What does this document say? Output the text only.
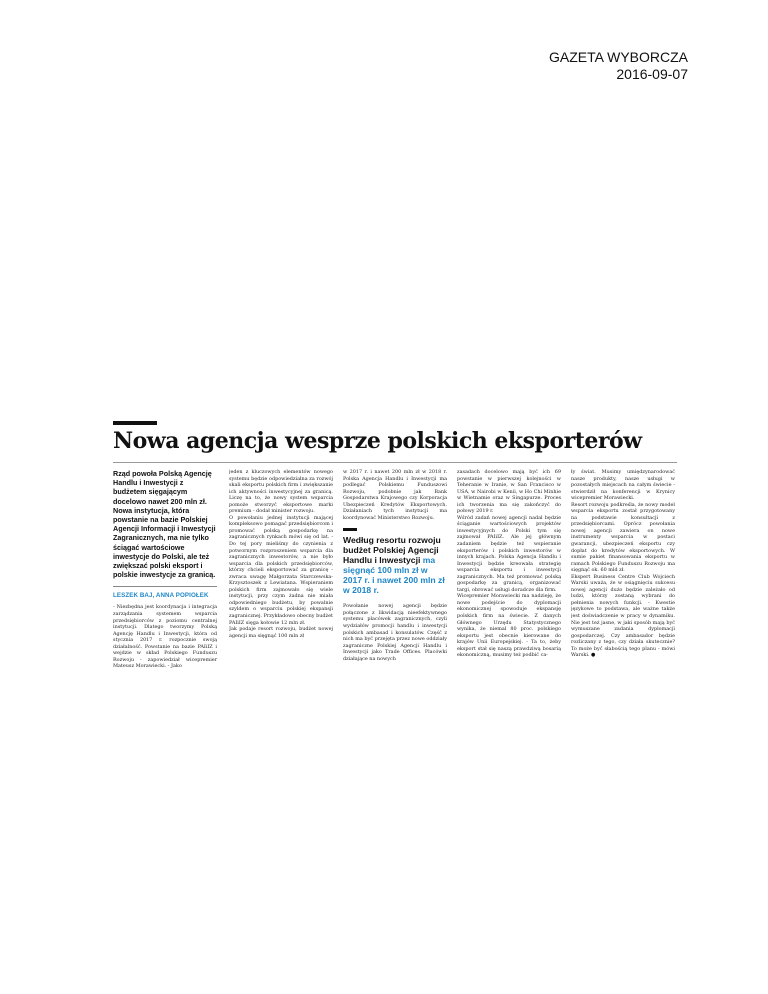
GAZETA WYBORCZA
2016-09-07
Nowa agencja wesprze polskich eksporterów

Rząd powoła Polską Agencję Handlu i Inwestycji z budżetem sięgającym docelowo nawet 200 mln zł. Nowa instytucja, która powstanie na bazie Polskiej Agencji Informacji i Inwestycji Zagranicznych, ma nie tylko ściągać wartościowe inwestycje do Polski, ale też zwiększać polski eksport i polskie inwestycje za granicą.

LESZEK BAJ, ANNA POPIOŁEK

- Niezbędna jest koordynacja i integracja zarządzania systemem wsparcia przedsiębiorców z poziomu centralnej instytucji. Dlatego tworzymy Polską Agencję Handlu i Inwestycji, która od stycznia 2017 r. rozpocznie swoją działalność. Powstanie na bazie PAIiIZ i wejdzie w skład Polskiego Funduszu Rozwoju - zapowiedział wicepremier Mateusz Morawiecki. - Jako

jeden z kluczowych elementów nowego systemu będzie odpowiedzialna za rozwój skali eksportu polskich firm i zwiększanie ich aktywności inwestycyjnej za granicą. Liczę na to, że nowy system wsparcia pomoże stworzyć eksportowe marki premium - dodał minister rozwoju.

O powołaniu jednej instytucji mającej kompleksowo pomagać przedsiębiorcom i promować polską gospodarkę na zagranicznych rynkach mówi się od lat. - Do tej pory mieliśmy do czynienia z potwornym rozproszeniem wsparcia dla zagranicznych inwestorów, a nie było wsparcia dla polskich przedsiębiorców, którzy chcieli eksportować za granicę - zwraca uwagę Małgorzata Starczewska-Krzysztoszek z Lewiatana. Wspieraniem polskich firm zajmowało się wiele instytucji, przy czym żadna nie miała odpowiedniego budżetu, by powalnie szyldem o wsparciu polskiej ekspansji zagranicznej. Przykładowo obecny budżet PAIiIZ sięga kołowie 12 mln zł.

Jak podaje resort rozwoju, budżet nowej agencji ma sięgnąć 100 mln zł

w 2017 r. i nawet 200 mln zł w 2018 r. Polska Agencja Handlu i Inwestycji ma podlegać Polskiemu Funduszowi Rozwoju, podobnie jak Bank Gospodarstwa Krajowego czy Korporacja Ubezpieczeń Kredytów Eksportowych. Działaniach tych instytucji ma koordynować Ministerstwo Rozwoju.

Według resortu rozwoju budżet Polskiej Agencji Handlu i Inwestycji ma sięgnąć 100 mln zł w 2017 r. i nawet 200 mln zł w 2018 r.

Powołanie nowej agencji będzie połączone z likwidacją nieefektywnego systemu placówek zagranicznych, czyli wydziałów promocji handlu i inwestycji polskich ambasad i konsulatów. Część z nich ma być przejęta przez nowe oddziały zagraniczne Polskiej Agencji Handlu i Inwestycji jako Trade Offices. Placówki działające na nowych

zasadach docelowo mają być ich 69 powstanie w pierwszej kolejności w Teheranie w Iranie, w San Francisco w USA, w Nairobi w Kenii, w Ho Chi Minhie w Wietnamie oraz w Singapurze. Proces ich tworzenia ma się zakończyć do połowy 2019 r.

Wśród zadań nowej agencji nadal będzie ściąganie wartościowych projektów inwestycyjnych do Polski tym się zajmował PAIiIZ. Ale jej głównym zadaniem będzie też wspieranie eksporterów i polskich inwestorów w innych krajach. Polska Agencja Handlu i Inwestycji będzie kreowała strategię wsparcia eksportu i inwestycji zagranicznych. Ma też promować polską gospodarkę za granicą, organizować targi, obrować usługi doradcze dla firm.

Wicepremier Morawiecki ma nadzieję, że nowe podejście do dyplomacji ekonomicznej spowoduje ekspansję polskich firm na świecie. Z danych Głównego Urzędu Statystycznego wynika, że niemal 80 proc. polskiego eksportu jest obecnie kierowane do krajów Unii Europejskiej. - Ta to, żeby eksport stał się naszą prawdziwą bosarią ekonomiczną, musimy też podbić ca-

ły świat. Musimy umiędzynarodować nasze produkty, nasze usługi w pozostałych miejscach na całym świecie - stwierdził na konferencji w Krynicy wicepremier Morawiecki.

Resort rozwoju podkreśla, że nowy model wsparcia eksportu został przygotowany na podstawie konsultacji z przedsiębiorcami. Oprócz powołania nowej agencji zawiera on nowe instrumenty wsparcia w postaci gwarancji, ubezpieczeń eksportu czy dopłat do kredytów eksportowych. W sumie pakiet finansowania eksportu w ramach Polskiego Funduszu Rozwoju ma sięgnąć ok. 60 mld zł.

Ekspert Business Centre Club Wojciech Warski uważa, że w osiągnięciu sukcesu nowej agencji dużo będzie zależało od ludzi, którzy zostaną wybrani do pełnienia nowych funkcji. - Kwestie językowe to podstawa, ale ważne także jest doświadczenie w pracy w dynamiku. Nie jest też jasne, w jaki sposób mają być wymuszane zadania dyplomacji gospodarczej. Czy ambasador będzie rozliczany z tego, czy działa skutecznie? To może być słabością tego planu - mówi Warski. ●
